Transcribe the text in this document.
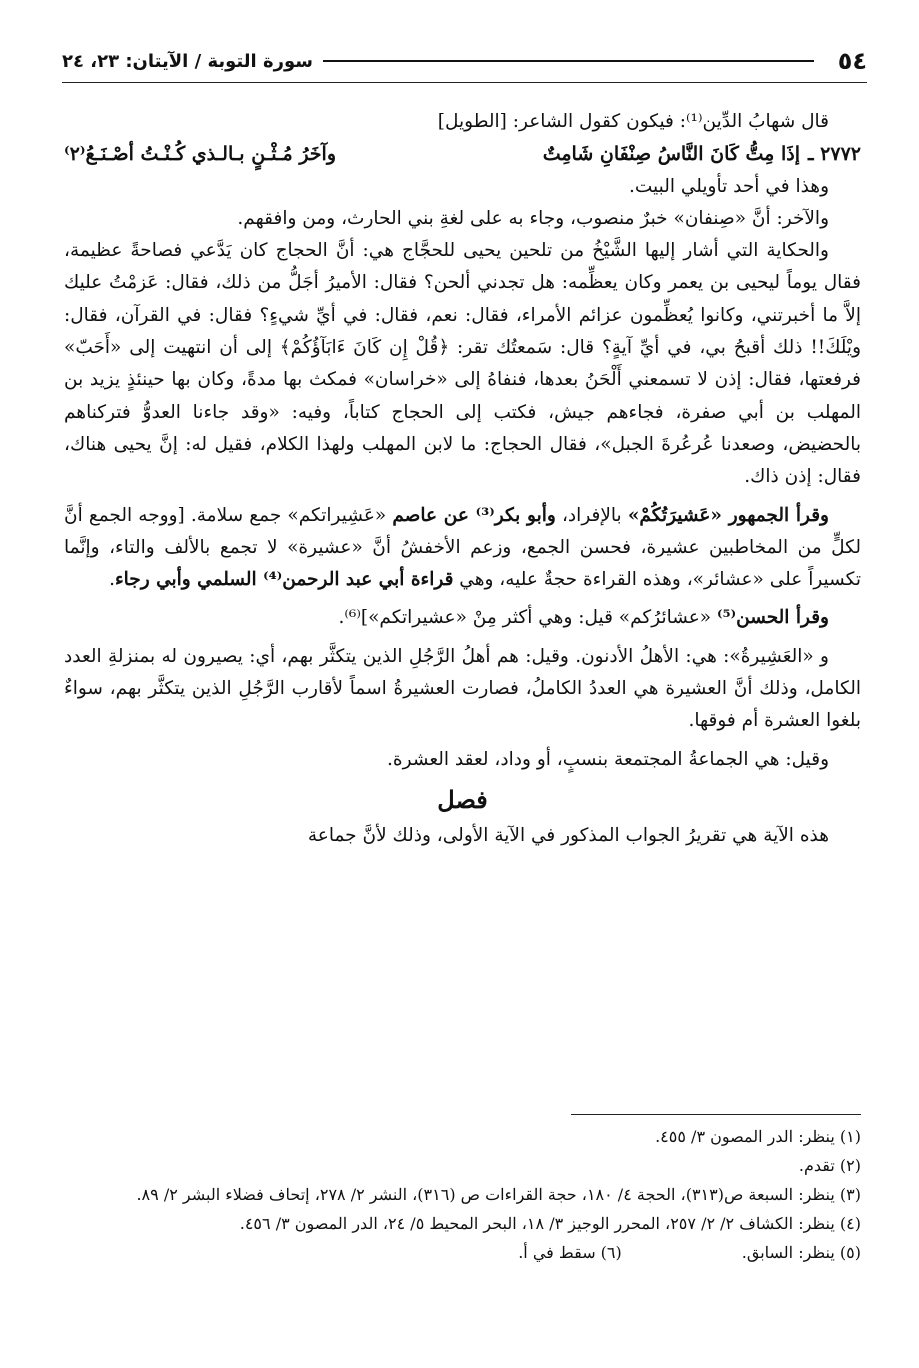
٥٤
سورة التوبة / الآيتان: ٢٣، ٢٤

قال شهابُ الدِّين⁽¹⁾: فيكون كقول الشاعر: [الطويل]

٢٧٧٢ ـ
إذَا مِتُّ كَانَ النَّاسُ صِنْفَانِ شَامِتٌ
وآخَرُ مُـثْـنٍ بـالـذي كُـنْـتُ أصْـنَـعُ⁽٢⁾

وهذا في أحد تأويلي البيت.

والآخر: أنَّ «صِنفان» خبرٌ منصوب، وجاء به على لغةِ بني الحارث، ومن وافقهم.

والحكاية التي أشار إليها الشَّيْخُ من تلحين يحيى للحجَّاج هي: أنَّ الحجاج كان يَدَّعي فصاحةً عظيمة، فقال يوماً ليحيى بن يعمر وكان يعظِّمه: هل تجدني ألحن؟ فقال: الأميرُ أجَلُّ من ذلك، فقال: عَزمْتُ عليك إلاَّ ما أخبرتني، وكانوا يُعظِّمون عزائم الأمراء، فقال: نعم، فقال: في أيِّ شيءٍ؟ فقال: في القرآن، فقال: ويْلَكَ!! ذلك أقبحُ بي، في أيِّ آيةٍ؟ قال: سَمعتُك تقر: ﴿قُلْ إِن كَانَ ءَابَآؤُكُمْ﴾ إلى أن انتهيت إلى «أَحَبّ» فرفعتها، فقال: إذن لا تسمعني أَلْحَنُ بعدها، فنفاهُ إلى «خراسان» فمكث بها مدةً، وكان بها حينئذٍ يزيد بن المهلب بن أبي صفرة، فجاءهم جيش، فكتب إلى الحجاج كتاباً، وفيه: «وقد جاءنا العدوُّ فتركناهم بالحضيض، وصعدنا عُرعُرةَ الجبل»، فقال الحجاج: ما لابن المهلب ولهذا الكلام، فقيل له: إنَّ يحيى هناك، فقال: إذن ذاك.

وقرأ الجمهور «عَشيرَتُكُمْ» بالإفراد، وأبو بكر⁽³⁾ عن عاصم «عَشِيراتكم» جمع سلامة. [ووجه الجمع أنَّ لكلٍّ من المخاطبين عشيرة، فحسن الجمع، وزعم الأخفشُ أنَّ «عشيرة» لا تجمع بالألف والتاء، وإنَّما تكسيراً على «عشائر»، وهذه القراءة حجةٌ عليه، وهي قراءة أبي عبد الرحمن⁽⁴⁾ السلمي وأبي رجاء.

وقرأ الحسن⁽⁵⁾ «عشائرُكم» قيل: وهي أكثر مِنْ «عشيراتكم»]⁽⁶⁾.

و «العَشِيرةُ»: هي: الأهلُ الأدنون. وقيل: هم أهلُ الرَّجُلِ الذين يتكثَّر بهم، أي: يصيرون له بمنزلةِ العدد الكامل، وذلك أنَّ العشيرة هي العددُ الكاملُ، فصارت العشيرةُ اسماً لأقارب الرَّجُلِ الذين يتكثَّر بهم، سواءٌ بلغوا العشرة أم فوقها.

وقيل: هي الجماعةُ المجتمعة بنسبٍ، أو وداد، لعقد العشرة.

فصل

هذه الآية هي تقريرُ الجواب المذكور في الآية الأولى، وذلك لأنَّ جماعة

(١) ينظر: الدر المصون ٣/ ٤٥٥.

(٢) تقدم.

(٣) ينظر: السبعة ص(٣١٣)، الحجة ٤/ ١٨٠، حجة القراءات ص (٣١٦)، النشر ٢/ ٢٧٨، إتحاف فضلاء البشر ٢/ ٨٩.

(٤) ينظر: الكشاف ٢/ ٢/ ٢٥٧، المحرر الوجيز ٣/ ١٨، البحر المحيط ٥/ ٢٤، الدر المصون ٣/ ٤٥٦.

(٥) ينظر: السابق.
(٦) سقط في أ.
